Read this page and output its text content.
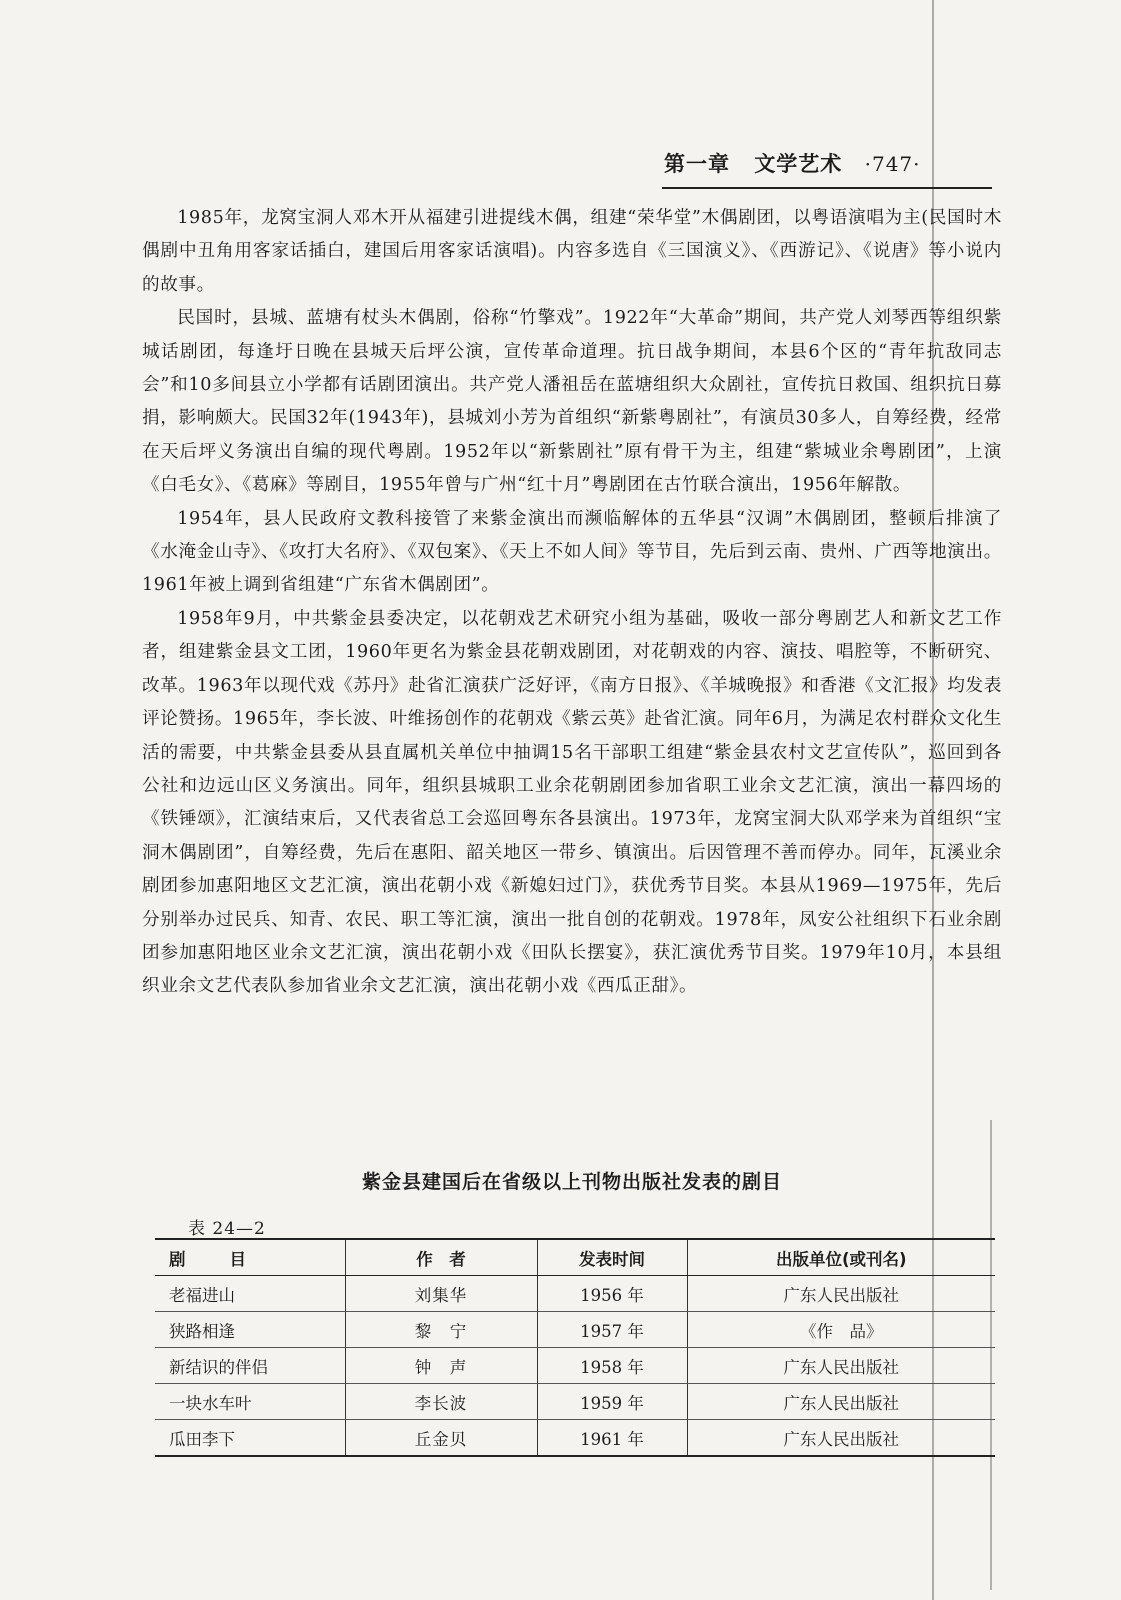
第一章 文学艺术 ·747·

1985年，龙窝宝洞人邓木开从福建引进提线木偶，组建“荣华堂”木偶剧团，以粤语演唱为主(民国时木偶剧中丑角用客家话插白，建国后用客家话演唱)。内容多选自《三国演义》、《西游记》、《说唐》等小说内的故事。

民国时，县城、蓝塘有杖头木偶剧，俗称“竹擎戏”。1922年“大革命”期间，共产党人刘琴西等组织紫城话剧团，每逢圩日晚在县城天后坪公演，宣传革命道理。抗日战争期间，本县6个区的“青年抗敌同志会”和10多间县立小学都有话剧团演出。共产党人潘祖岳在蓝塘组织大众剧社，宣传抗日救国、组织抗日募捐，影响颇大。民国32年(1943年)，县城刘小芳为首组织“新紫粤剧社”，有演员30多人，自筹经费，经常在天后坪义务演出自编的现代粤剧。1952年以“新紫剧社”原有骨干为主，组建“紫城业余粤剧团”，上演《白毛女》、《葛麻》等剧目，1955年曾与广州“红十月”粤剧团在古竹联合演出，1956年解散。

1954年，县人民政府文教科接管了来紫金演出而濒临解体的五华县“汉调”木偶剧团，整顿后排演了《水淹金山寺》、《攻打大名府》、《双包案》、《天上不如人间》等节目，先后到云南、贵州、广西等地演出。1961年被上调到省组建“广东省木偶剧团”。

1958年9月，中共紫金县委决定，以花朝戏艺术研究小组为基础，吸收一部分粤剧艺人和新文艺工作者，组建紫金县文工团，1960年更名为紫金县花朝戏剧团，对花朝戏的内容、演技、唱腔等，不断研究、改革。1963年以现代戏《苏丹》赴省汇演获广泛好评，《南方日报》、《羊城晚报》和香港《文汇报》均发表评论赞扬。1965年，李长波、叶维扬创作的花朝戏《紫云英》赴省汇演。同年6月，为满足农村群众文化生活的需要，中共紫金县委从县直属机关单位中抽调15名干部职工组建“紫金县农村文艺宣传队”，巡回到各公社和边远山区义务演出。同年，组织县城职工业余花朝剧团参加省职工业余文艺汇演，演出一幕四场的《铁锤颂》，汇演结束后，又代表省总工会巡回粤东各县演出。1973年，龙窝宝洞大队邓学来为首组织“宝洞木偶剧团”，自筹经费，先后在惠阳、韶关地区一带乡、镇演出。后因管理不善而停办。同年，瓦溪业余剧团参加惠阳地区文艺汇演，演出花朝小戏《新媳妇过门》，获优秀节目奖。本县从1969—1975年，先后分别举办过民兵、知青、农民、职工等汇演，演出一批自创的花朝戏。1978年，凤安公社组织下石业余剧团参加惠阳地区业余文艺汇演，演出花朝小戏《田队长摆宴》，获汇演优秀节目奖。1979年10月，本县组织业余文艺代表队参加省业余文艺汇演，演出花朝小戏《西瓜正甜》。

紫金县建国后在省级以上刊物出版社发表的剧目
表 24—2
剧目	作　者	发表时间	出版单位(或刊名)
老福进山	刘集华	1956 年	广东人民出版社
狭路相逢	黎　宁	1957 年	《作　品》
新结识的伴侣	钟　声	1958 年	广东人民出版社
一块水车叶	李长波	1959 年	广东人民出版社
瓜田李下	丘金贝	1961 年	广东人民出版社
